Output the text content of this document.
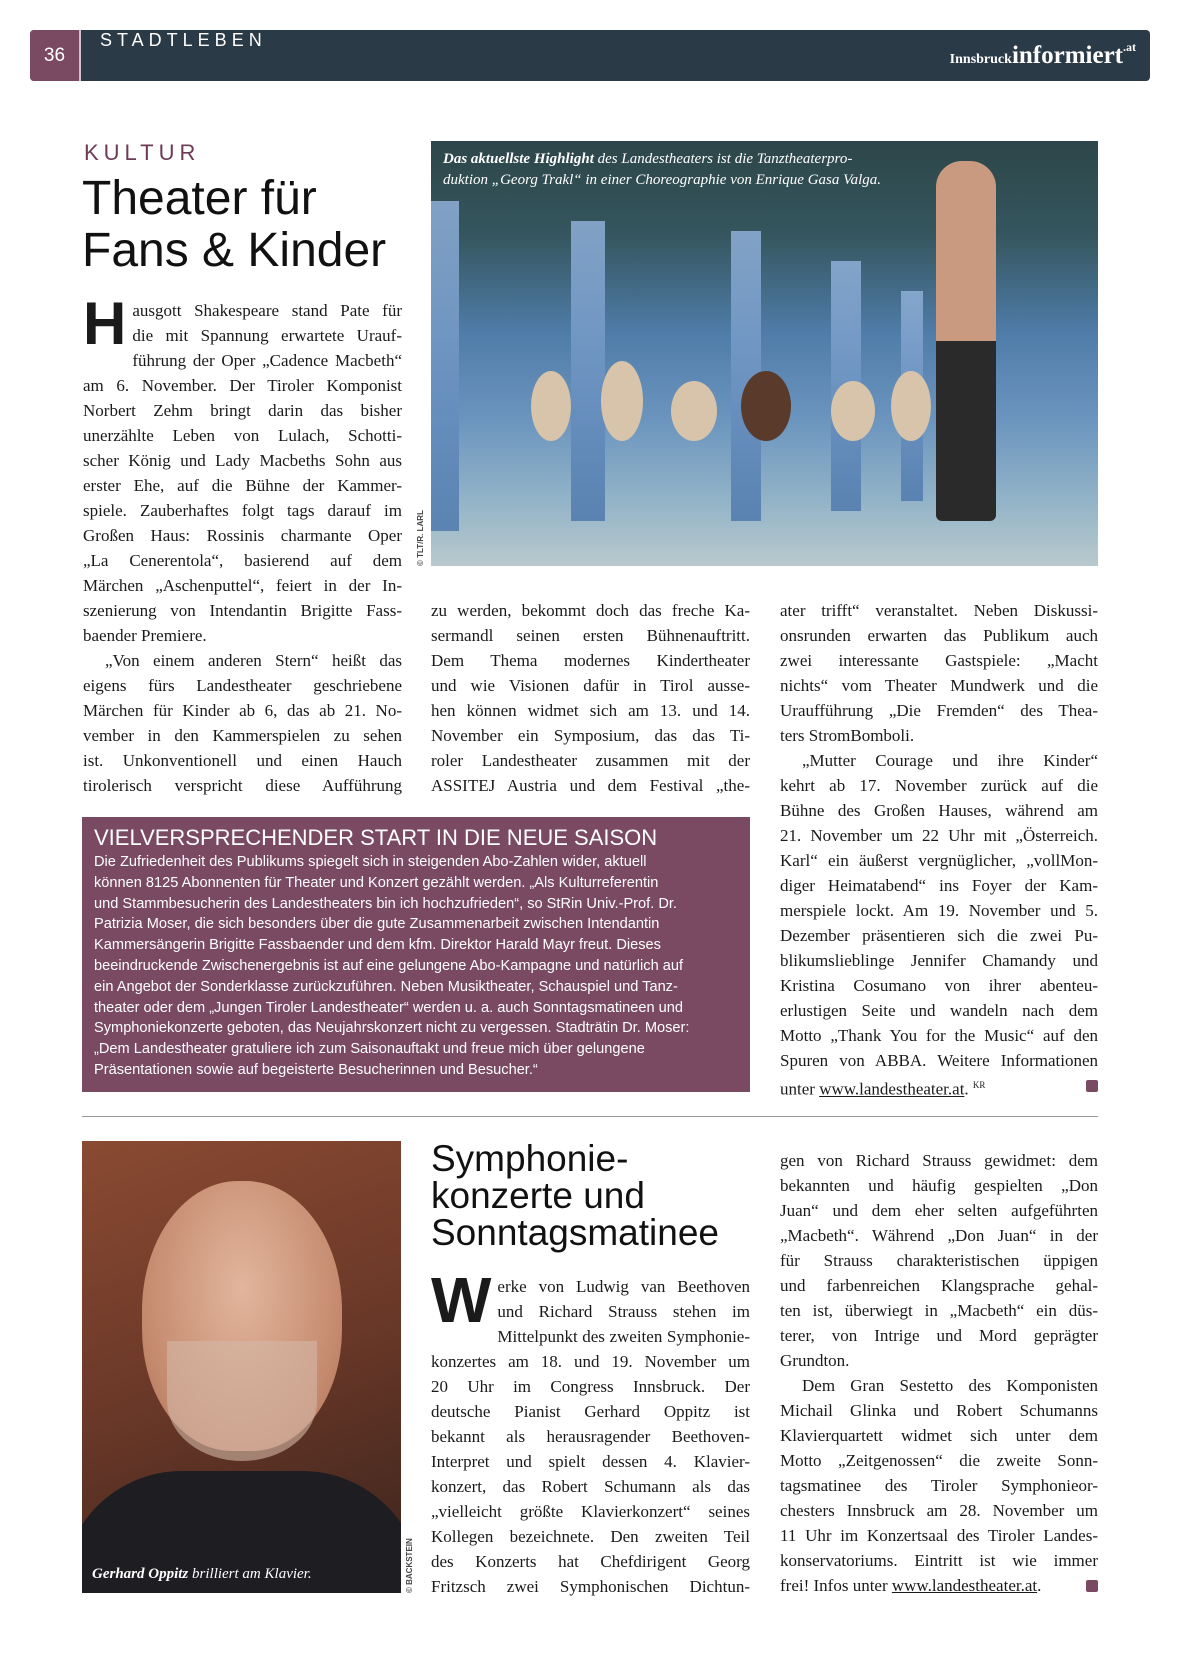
36
STADTLEBEN
Innsbruckinformiert$^{.at}$
KULTUR
Theater für
Fans & Kinder
H ausgott Shakespeare stand Pate für
die mit Spannung erwartete Urauf-
führung der Oper „Cadence Macbeth“
am 6. November. Der Tiroler Komponist
Norbert Zehm bringt darin das bisher
unerzählte Leben von Lulach, Schotti-
scher König und Lady Macbeths Sohn aus
erster Ehe, auf die Bühne der Kammer-
spiele. Zauberhaftes folgt tags darauf im
Großen Haus: Rossinis charmante Oper
„La Cenerentola“, basierend auf dem
Märchen „Aschenputtel“, feiert in der In-
szenierung von Intendantin Brigitte Fass-
baender Premiere.
„Von einem anderen Stern“ heißt das
eigens fürs Landestheater geschriebene
Märchen für Kinder ab 6, das ab 21. No-
vember in den Kammerspielen zu sehen
ist. Unkonventionell und einen Hauch
tirolerisch verspricht diese Aufführung
Das aktuellste Highlight des Landestheaters ist die Tanztheaterpro-
duktion „Georg Trakl“ in einer Choreographie von Enrique Gasa Valga.
© TLT/R. LARL
zu werden, bekommt doch das freche Ka-
sermandl seinen ersten Bühnenauftritt.
Dem Thema modernes Kindertheater
und wie Visionen dafür in Tirol ausse-
hen können widmet sich am 13. und 14.
November ein Symposium, das das Ti-
roler Landestheater zusammen mit der
ASSITEJ Austria und dem Festival „the-
ater trifft“ veranstaltet. Neben Diskussi-
onsrunden erwarten das Publikum auch
zwei interessante Gastspiele: „Macht
nichts“ vom Theater Mundwerk und die
Uraufführung „Die Fremden“ des Thea-
ters StromBomboli.
„Mutter Courage und ihre Kinder“
kehrt ab 17. November zurück auf die
Bühne des Großen Hauses, während am
21. November um 22 Uhr mit „Österreich.
Karl“ ein äußerst vergnüglicher, „vollMon-
diger Heimatabend“ ins Foyer der Kam-
merspiele lockt. Am 19. November und 5.
Dezember präsentieren sich die zwei Pu-
blikumslieblinge Jennifer Chamandy und
Kristina Cosumano von ihrer abenteu-
erlustigen Seite und wandeln nach dem
Motto „Thank You for the Music“ auf den
Spuren von ABBA. Weitere Informationen
unter www.landestheater.at. $^{KR}$
VIELVERSPRECHENDER START IN DIE NEUE SAISON
Die Zufriedenheit des Publikums spiegelt sich in steigenden Abo-Zahlen wider, aktuell
können 8125 Abonnenten für Theater und Konzert gezählt werden. „Als Kulturreferentin
und Stammbesucherin des Landestheaters bin ich hochzufrieden“, so StRin Univ.-Prof. Dr.
Patrizia Moser, die sich besonders über die gute Zusammenarbeit zwischen Intendantin
Kammersängerin Brigitte Fassbaender und dem kfm. Direktor Harald Mayr freut. Dieses
beeindruckende Zwischenergebnis ist auf eine gelungene Abo-Kampagne und natürlich auf
ein Angebot der Sonderklasse zurückzuführen. Neben Musiktheater, Schauspiel und Tanz-
theater oder dem „Jungen Tiroler Landestheater“ werden u. a. auch Sonntagsmatineen und
Symphoniekonzerte geboten, das Neujahrskonzert nicht zu vergessen. Stadträtin Dr. Moser:
„Dem Landestheater gratuliere ich zum Saisonauftakt und freue mich über gelungene
Präsentationen sowie auf begeisterte Besucherinnen und Besucher.“
Gerhard Oppitz brilliert am Klavier.	© BACKSTEIN
Symphonie-
konzerte und
Sonntagsmatinee
W erke von Ludwig van Beethoven
und Richard Strauss stehen im
Mittelpunkt des zweiten Symphonie-
konzertes am 18. und 19. November um
20 Uhr im Congress Innsbruck. Der
deutsche Pianist Gerhard Oppitz ist
bekannt als herausragender Beethoven-
Interpret und spielt dessen 4. Klavier-
konzert, das Robert Schumann als das
„vielleicht größte Klavierkonzert“ seines
Kollegen bezeichnete. Den zweiten Teil
des Konzerts hat Chefdirigent Georg
Fritzsch zwei Symphonischen Dichtun-
gen von Richard Strauss gewidmet: dem
bekannten und häufig gespielten „Don
Juan“ und dem eher selten aufgeführten
„Macbeth“. Während „Don Juan“ in der
für Strauss charakteristischen üppigen
und farbenreichen Klangsprache gehal-
ten ist, überwiegt in „Macbeth“ ein düs-
terer, von Intrige und Mord geprägter
Grundton.
Dem Gran Sestetto des Komponisten
Michail Glinka und Robert Schumanns
Klavierquartett widmet sich unter dem
Motto „Zeitgenossen“ die zweite Sonn-
tagsmatinee des Tiroler Symphonieor-
chesters Innsbruck am 28. November um
11 Uhr im Konzertsaal des Tiroler Landes-
konservatoriums. Eintritt ist wie immer
frei! Infos unter www.landestheater.at.
